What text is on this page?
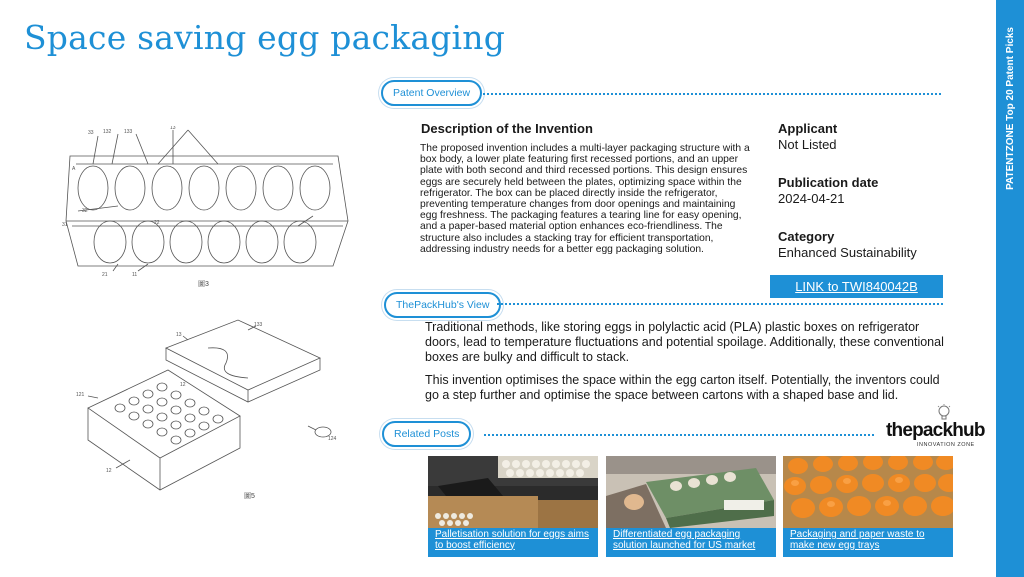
Space saving egg packaging	PATENTZONE Top 20 Patent Picks
33 132	133
13
A
32
31	22
21	11
圖3
13
133
12
121
124
12
圖5
Patent Overview
Description of the Invention
The proposed invention includes a multi-layer packaging structure with a box body, a lower plate featuring first recessed portions, and an upper plate with both second and third recessed portions. This design ensures eggs are securely held between the plates, optimizing space within the refrigerator. The box can be placed directly inside the refrigerator, preventing temperature changes from door openings and maintaining egg freshness. The packaging features a tearing line for easy opening, and a paper-based material option enhances eco-friendliness. The structure also includes a stacking tray for efficient transportation, addressing industry needs for a better egg packaging solution.
Applicant
Not Listed
Publication date
2024-04-21
Category
Enhanced Sustainability
LINK to TWI840042B
ThePackHub's View
Traditional methods, like storing eggs in polylactic acid (PLA) plastic boxes on refrigerator doors, lead to temperature fluctuations and potential spoilage. Additionally, these conventional boxes are bulky and difficult to stack.
This invention optimises the space within the egg carton itself. Potentially, the inventors could go a step further and optimise the space between cartons with a shaped base and lid.
Related Posts	thepackhub
INNOVATION ZONE
Palletisation solution for eggs aims to boost efficiency
Differentiated egg packaging solution launched for US market
Packaging and paper waste to make new egg trays
